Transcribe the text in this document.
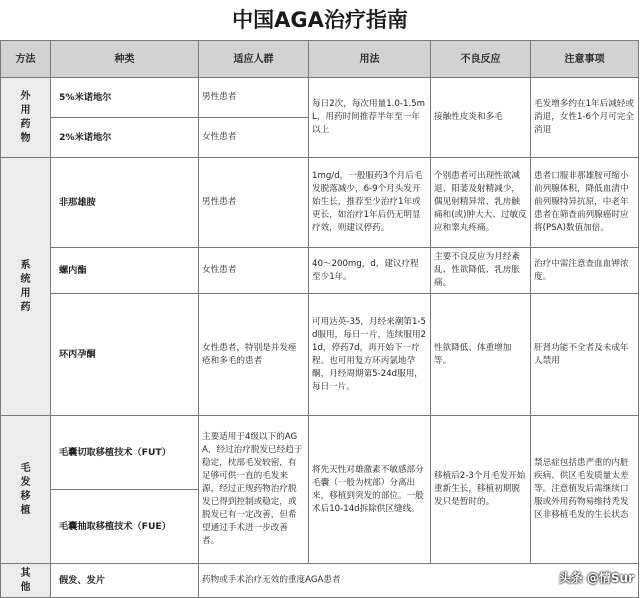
中国AGA治疗指南
方法	种类	适应人群	用法	不良反应	注意事项

外用药物	5%米诺地尔	男性患者	每日2次，每次用量1.0-1.5mL，用药时间推荐半年至一年以上	接触性皮炎和多毛	毛发增多约在1年后减轻或消退，女性1-6个月可完全消退
	2%米诺地尔	女性患者			

系统用药	非那雄胺	男性患者	1mg/d，一般服药3个月后毛发脱落减少，6-9个月头发开始生长，推荐至少治疗1年或更长，如治疗1年后仍无明显疗效，则建议停药。	个别患者可出现性欲减退、阳萎及射精减少，偶见射精异常、乳房触痛和(或)肿大大、过敏反应和睾丸疼痛。	患者口服非那雄胺可缩小前列腺体积，降低血清中前列腺特异抗原，中老年患者在筛查前列腺癌时应将(PSA)数值加倍。
	螺内酯	女性患者	40～200mg，d，建议疗程至少1年。	主要不良反应为月经紊乱、性欲降低、乳房胀痛。	治疗中需注意查血血钾浓度。
	环丙孕酮	女性患者，特别是并发痤疮和多毛的患者	可用达英-35，月经来潮第1-5d服用，每日一片，连续服用21d，停药7d，再开始下一疗程。也可用复方环丙氯地孕酮，月经周期第5-24d服用，每日一片。	性欲降低、体重增加等。	肝肾功能不全者及未成年人禁用

毛发移植	毛囊切取移植技术（FUT）	主要适用于4级以下的AGA，经过治疗脱发已经趋于稳定，枕部毛发较密，有足够可供一直的毛发来源，经过正规药物治疗脱发已得到控制或稳定，或脱发已有一定改善，但希望通过手术进一步改善者。	将先天性对雄激素不敏感部分毛囊（一般为枕部）分离出来，移植到突发的部位。一般术后10-14d拆除供区缝线。	移植后2-3个月毛发开始重新生长，移植初期脱发只是暂时的。	禁忌症包括患严重的内脏疾病、供区毛发质量太差等。注意植发后需继续口服或外用药物易维持秃发区非移植毛发的生长状态
	毛囊抽取移植技术（FUE）				

其他	假发、发片	药物或手术治疗无效的重度AGA患者				头条 @情Sur
